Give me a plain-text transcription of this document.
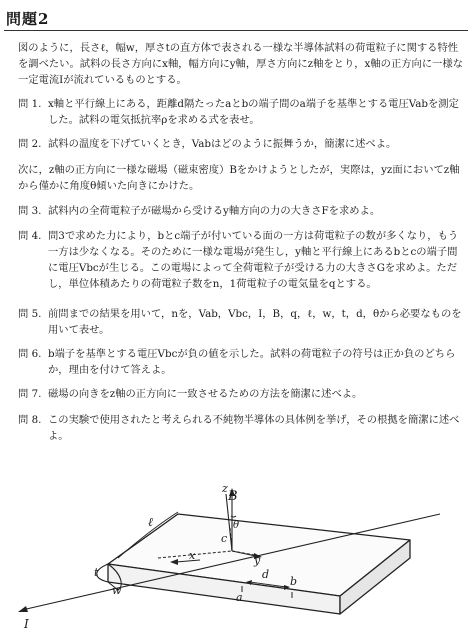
問題2
図のように，長さℓ，幅w，厚さtの直方体で表される一様な半導体試料の荷電粒子に関する特性を調べたい。試料の長さ方向にx軸，幅方向にy軸，厚さ方向にz軸をとり，x軸の正方向に一様な一定電流Iが流れているものとする。
問 1. x軸と平行線上にある，距離d隔たったaとbの端子間のa端子を基準とする電圧Vabを測定した。試料の電気抵抗率ρを求める式を表せ。
問 2. 試料の温度を下げていくとき，Vabはどのように振舞うか，簡潔に述べよ。
次に，z軸の正方向に一様な磁場（磁束密度）Bをかけようとしたが，実際は，yz面においてz軸から僅かに角度θ傾いた向きにかけた。
問 3. 試料内の全荷電粒子が磁場から受けるy軸方向の力の大きさFを求めよ。
問 4. 問3で求めた力により，bとc端子が付いている面の一方は荷電粒子の数が多くなり，もう一方は少なくなる。そのために一様な電場が発生し，y軸と平行線上にあるbとcの端子間に電圧Vbcが生じる。この電場によって全荷電粒子が受ける力の大きさGを求めよ。ただし，単位体積あたりの荷電粒子数をn，1荷電粒子の電気量をqとする。
問 5. 前問までの結果を用いて，nを，Vab，Vbc，I，B，q，ℓ，w，t，d，θから必要なものを用いて表せ。
問 6. b端子を基準とする電圧Vbcが負の値を示した。試料の荷電粒子の符号は正か負のどちらか，理由を付けて答えよ。
問 7. 磁場の向きをz軸の正方向に一致させるための方法を簡潔に述べよ。
問 8. この実験で使用されたと考えられる不純物半導体の具体例を挙げ，その根拠を簡潔に述べよ。
z
B
θ
c
x	y
ℓ
t
w
a
d
b
I
